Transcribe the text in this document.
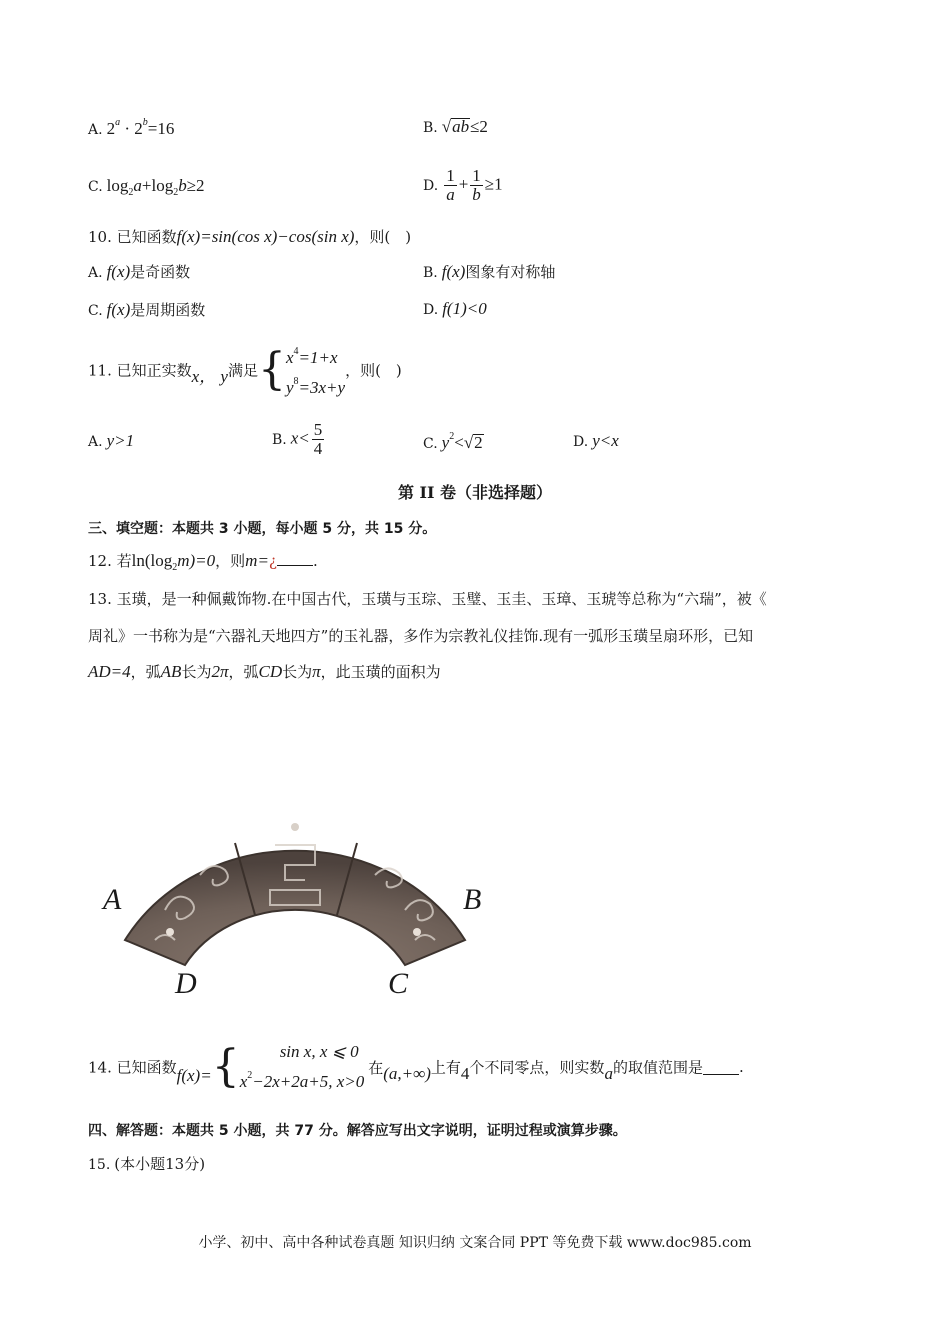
A. $2^a \cdot 2^b=16$	B. √ab≤2
C. $\log_2a+\log_2b\ge 2$	D. $\frac{1}{a} + \frac{1}{b} \ge 1$
10. 已知函数f(x)=sin(cos x)−cos(sin x)，则(　)
A. f(x)是奇函数	B. f(x)图象有对称轴
C. f(x)是周期函数	D. f(1)<0
11. 已知正实数x， y满足{ $x^4=1+x$
$y^8=3x+y$
，则(　)
A. y>1	B. $x< \frac{5}{4}$	C. $y^2<√2$	D. y<x
第 II 卷（非选择题）
三、填空题：本题共 3 小题，每小题 5 分，共 15 分。
12. 若$\ln(\log_2m)=0$，则m=¿ .
13. 玉璜，是一种佩戴饰物.在中国古代，玉璜与玉琮、玉璧、玉圭、玉璋、玉琥等总称为“六瑞”，被《
周礼》一书称为是“六器礼天地四方”的玉礼器，多作为宗教礼仪挂饰.现有一弧形玉璜呈扇环形，已知
AD=4，弧AB长为2π，弧CD长为π，此玉璜的面积为
A	B
C
D
14. 已知函数f(x)={	sin x, x ⩽ 0
$x^2-2x+2a+5$, x>0
在(a,+∞)上有4个不同零点，则实数a的取值范围是 .
四、解答题：本题共 5 小题，共 77 分。解答应写出文字说明，证明过程或演算步骤。
15. (本小题13分)
小学、初中、高中各种试卷真题 知识归纳 文案合同 PPT 等免费下载 www.doc985.com
